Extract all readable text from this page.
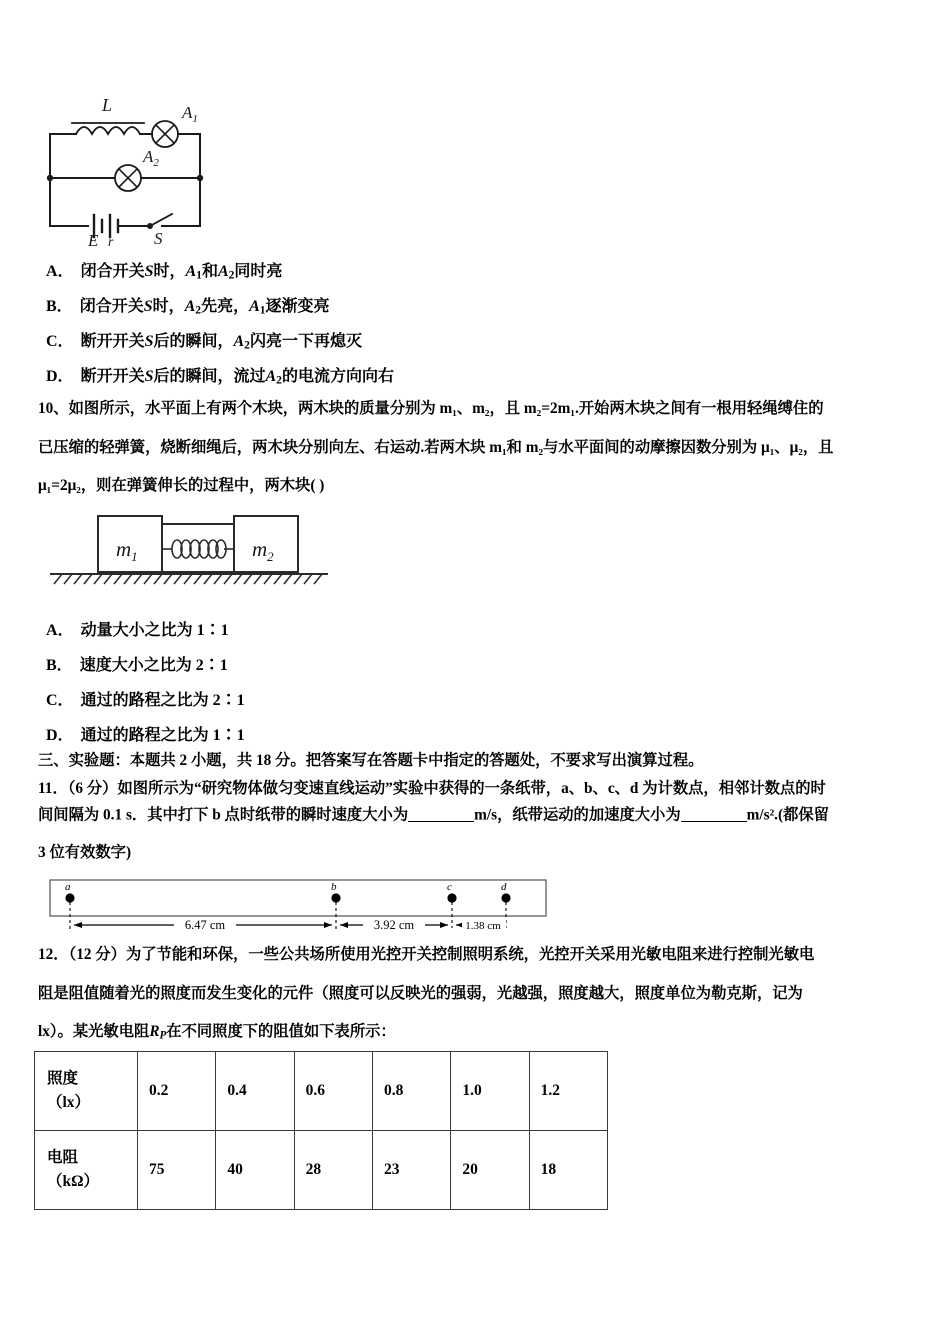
L	$A_1$
$A_2$
E r S
A． 闭合开关S时，$A_1$和$A_2$同时亮
B． 闭合开关S时，$A_2$先亮，$A_1$逐渐变亮
C． 断开开关S后的瞬间，$A_2$闪亮一下再熄灭
D． 断开开关S后的瞬间，流过$A_2$的电流方向向右
10、如图所示，水平面上有两个木块，两木块的质量分别为 m₁、m₂，且 m₂=2m₁.开始两木块之间有一根用轻绳缚住的
已压缩的轻弹簧，烧断细绳后，两木块分别向左、右运动.若两木块 m₁和 m₂与水平面间的动摩擦因数分别为 μ₁、μ₂，且
μ₁=2μ₂，则在弹簧伸长的过程中，两木块( )
$m_1$	$m_2$
A． 动量大小之比为 1∶1
B． 速度大小之比为 2∶1
C． 通过的路程之比为 2∶1
D． 通过的路程之比为 1∶1
三、实验题：本题共 2 小题，共 18 分。把答案写在答题卡中指定的答题处，不要求写出演算过程。
11．（6 分）如图所示为“研究物体做匀变速直线运动”实验中获得的一条纸带，a、b、c、d 为计数点，相邻计数点的时
间间隔为 0.1 s．其中打下 b 点时纸带的瞬时速度大小为	m/s，纸带运动的加速度大小为	m/s².(都保留
3 位有效数字)
a	b	c	d
6.47 cm	3.92 cm	1.38 cm
12．（12 分）为了节能和环保，一些公共场所使用光控开关控制照明系统，光控开关采用光敏电阻来进行控制光敏电
阻是阻值随着光的照度而发生变化的元件（照度可以反映光的强弱，光越强，照度越大，照度单位为勒克斯，记为
lx）。某光敏电阻$R_P$在不同照度下的阻值如下表所示：
照度
（lx）	0.2	0.4	0.6	0.8	1.0	1.2
电阻
（kΩ）	75	40	28	23	20	18
